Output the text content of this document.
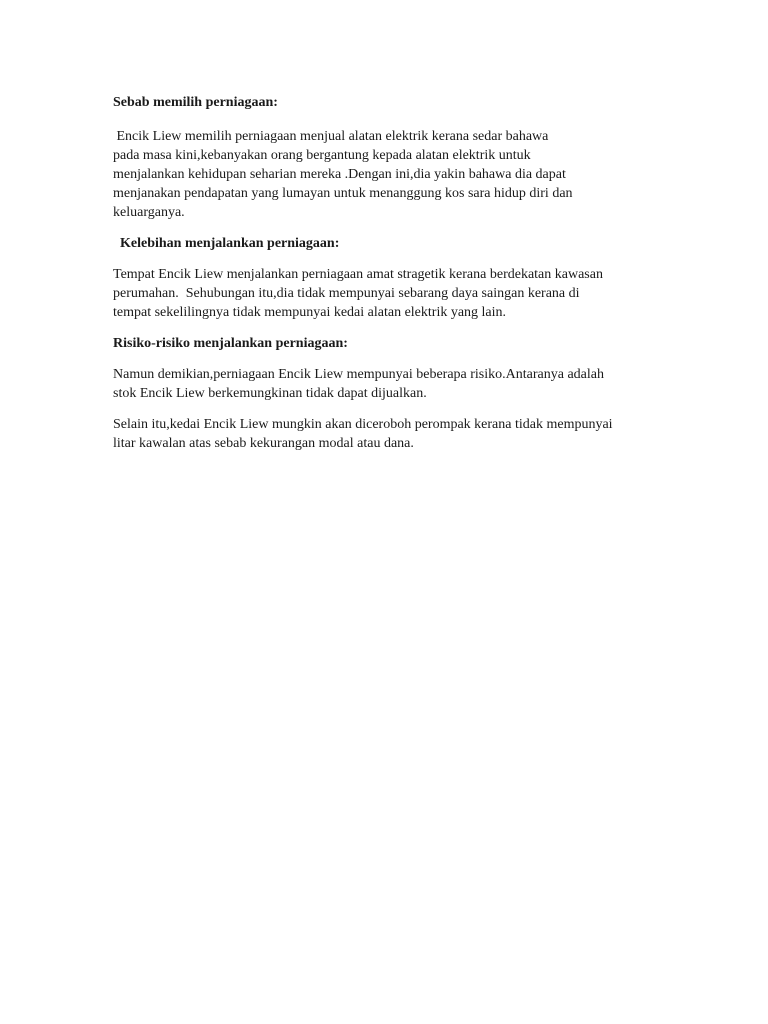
Sebab memilih perniagaan:

Encik Liew memilih perniagaan menjual alatan elektrik kerana sedar bahawa
pada masa kini,kebanyakan orang bergantung kepada alatan elektrik untuk
menjalankan kehidupan seharian mereka .Dengan ini,dia yakin bahawa dia dapat
menjanakan pendapatan yang lumayan untuk menanggung kos sara hidup diri dan
keluarganya.

Kelebihan menjalankan perniagaan:

Tempat Encik Liew menjalankan perniagaan amat stragetik kerana berdekatan kawasan
perumahan.  Sehubungan itu,dia tidak mempunyai sebarang daya saingan kerana di
tempat sekelilingnya tidak mempunyai kedai alatan elektrik yang lain.

Risiko-risiko menjalankan perniagaan:

Namun demikian,perniagaan Encik Liew mempunyai beberapa risiko.Antaranya adalah
stok Encik Liew berkemungkinan tidak dapat dijualkan.

Selain itu,kedai Encik Liew mungkin akan diceroboh perompak kerana tidak mempunyai
litar kawalan atas sebab kekurangan modal atau dana.
